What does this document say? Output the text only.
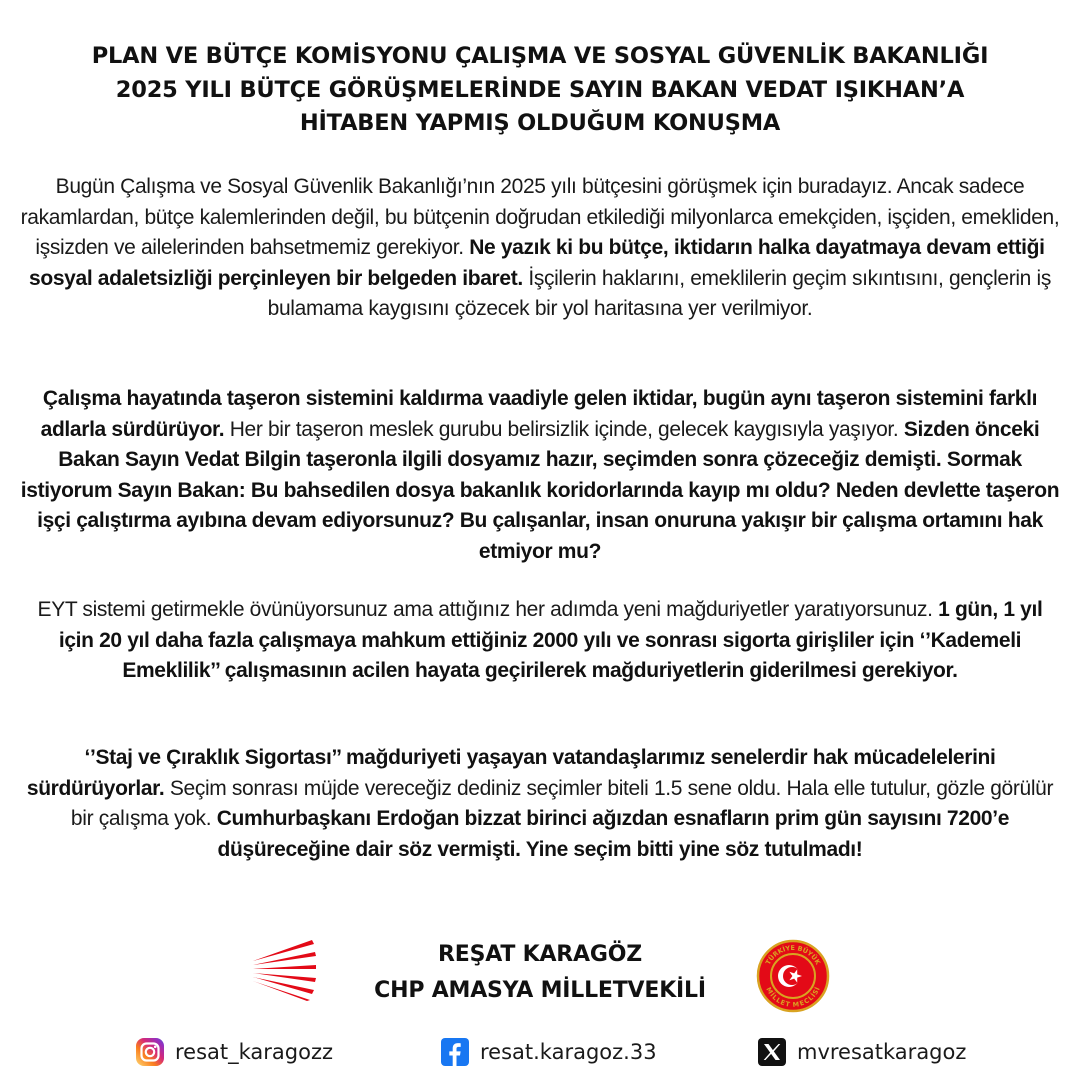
PLAN VE BÜTÇE KOMİSYONU ÇALIŞMA VE SOSYAL GÜVENLİK BAKANLIĞI
2025 YILI BÜTÇE GÖRÜŞMELERİNDE SAYIN BAKAN VEDAT IŞIKHAN’A
HİTABEN YAPMIŞ OLDUĞUM KONUŞMA
Bugün Çalışma ve Sosyal Güvenlik Bakanlığı’nın 2025 yılı bütçesini görüşmek için buradayız. Ancak sadece rakamlardan, bütçe kalemlerinden değil, bu bütçenin doğrudan etkilediği milyonlarca emekçiden, işçiden, emekliden, işsizden ve ailelerinden bahsetmemiz gerekiyor. Ne yazık ki bu bütçe, iktidarın halka dayatmaya devam ettiği sosyal adaletsizliği perçinleyen bir belgeden ibaret. İşçilerin haklarını, emeklilerin geçim sıkıntısını, gençlerin iş bulamama kaygısını çözecek bir yol haritasına yer verilmiyor.
Çalışma hayatında taşeron sistemini kaldırma vaadiyle gelen iktidar, bugün aynı taşeron sistemini farklı adlarla sürdürüyor. Her bir taşeron meslek gurubu belirsizlik içinde, gelecek kaygısıyla yaşıyor. Sizden önceki Bakan Sayın Vedat Bilgin taşeronla ilgili dosyamız hazır, seçimden sonra çözeceğiz demişti. Sormak istiyorum Sayın Bakan: Bu bahsedilen dosya bakanlık koridorlarında kayıp mı oldu? Neden devlette taşeron işçi çalıştırma ayıbına devam ediyorsunuz? Bu çalışanlar, insan onuruna yakışır bir çalışma ortamını hak etmiyor mu?
EYT sistemi getirmekle övünüyorsunuz ama attığınız her adımda yeni mağduriyetler yaratıyorsunuz. 1 gün, 1 yıl için 20 yıl daha fazla çalışmaya mahkum ettiğiniz 2000 yılı ve sonrası sigorta girişliler için ‘’Kademeli Emeklilik’’ çalışmasının acilen hayata geçirilerek mağduriyetlerin giderilmesi gerekiyor.
‘’Staj ve Çıraklık Sigortası’’ mağduriyeti yaşayan vatandaşlarımız senelerdir hak mücadelelerini sürdürüyorlar. Seçim sonrası müjde vereceğiz dediniz seçimler biteli 1.5 sene oldu. Hala elle tutulur, gözle görülür bir çalışma yok. Cumhurbaşkanı Erdoğan bizzat birinci ağızdan esnafların prim gün sayısını 7200’e düşüreceğine dair söz vermişti. Yine seçim bitti yine söz tutulmadı!
REŞAT KARAGÖZ
CHP AMASYA MİLLETVEKİLİ
TÜRKİYE BÜYÜK
MİLLET MECLİSİ
resat_karagozz	resat.karagoz.33	mvresatkaragoz
